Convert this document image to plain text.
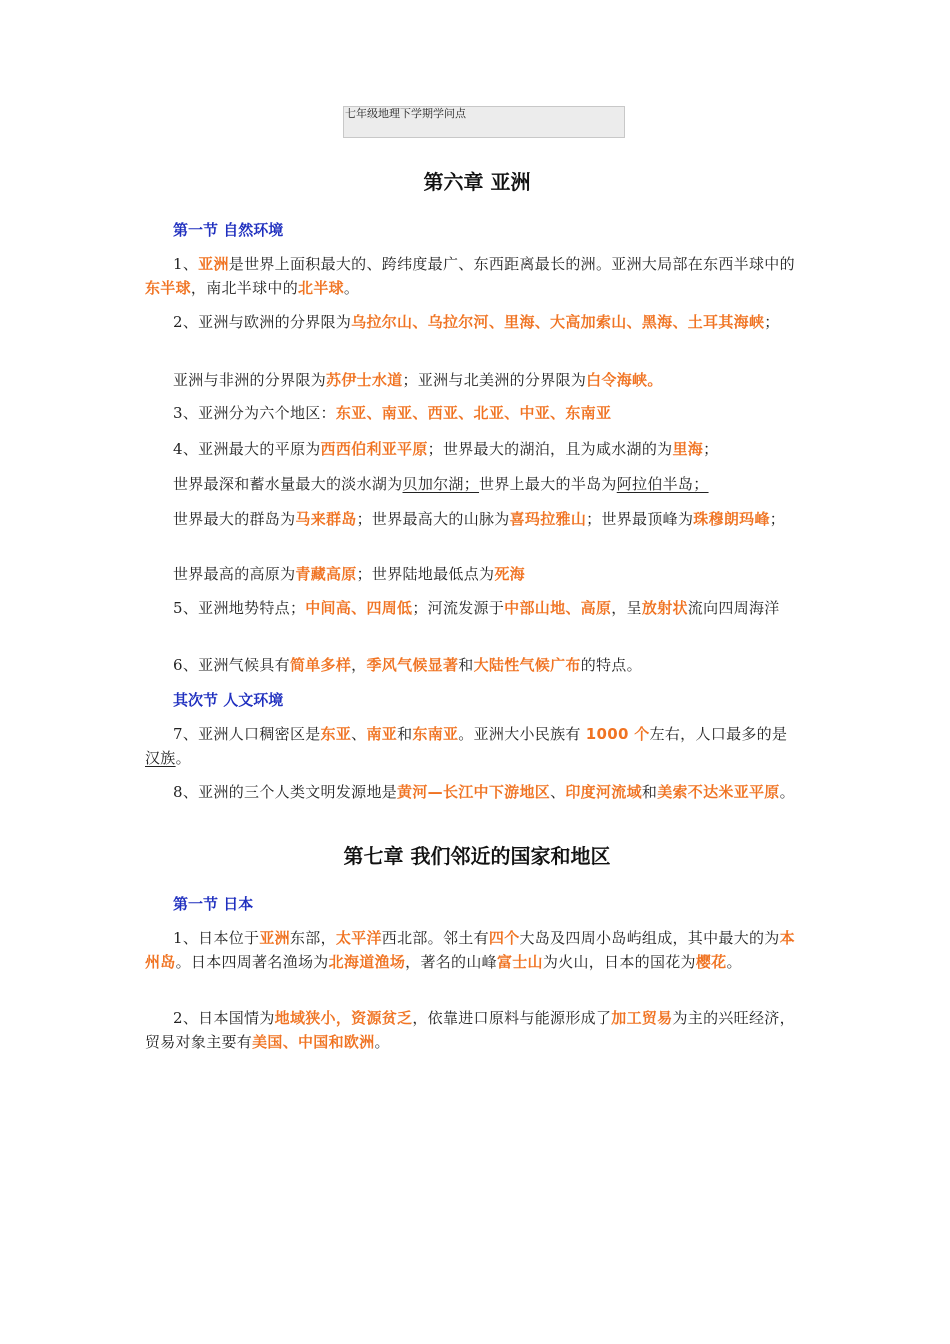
七年级地理下学期学问点
第六章 亚洲
第一节 自然环境

1、亚洲是世界上面积最大的、跨纬度最广、东西距离最长的洲。亚洲大局部在东西半球中的东半球，南北半球中的北半球。

2、亚洲与欧洲的分界限为乌拉尔山、乌拉尔河、里海、大高加索山、黑海、土耳其海峡；

亚洲与非洲的分界限为苏伊士水道；亚洲与北美洲的分界限为白令海峡。

3、亚洲分为六个地区：东亚、南亚、西亚、北亚、中亚、东南亚

4、亚洲最大的平原为西西伯利亚平原；世界最大的湖泊，且为咸水湖的为里海；

世界最深和蓄水量最大的淡水湖为贝加尔湖；世界上最大的半岛为阿拉伯半岛；

世界最大的群岛为马来群岛；世界最高大的山脉为喜玛拉雅山；世界最顶峰为珠穆朗玛峰；

世界最高的高原为青藏高原；世界陆地最低点为死海

5、亚洲地势特点；中间高、四周低；河流发源于中部山地、高原，呈放射状流向四周海洋

6、亚洲气候具有简单多样，季风气候显著和大陆性气候广布的特点。

其次节 人文环境

7、亚洲人口稠密区是东亚、南亚和东南亚。亚洲大小民族有 1000 个左右，人口最多的是汉族。

8、亚洲的三个人类文明发源地是黄河—长江中下游地区、印度河流域和美索不达米亚平原。

第七章 我们邻近的国家和地区
第一节 日本

1、日本位于亚洲东部，太平洋西北部。邻土有四个大岛及四周小岛屿组成，其中最大的为本州岛。日本四周著名渔场为北海道渔场，著名的山峰富士山为火山，日本的国花为樱花。

2、日本国情为地域狭小，资源贫乏，依靠进口原料与能源形成了加工贸易为主的兴旺经济，贸易对象主要有美国、中国和欧洲。
